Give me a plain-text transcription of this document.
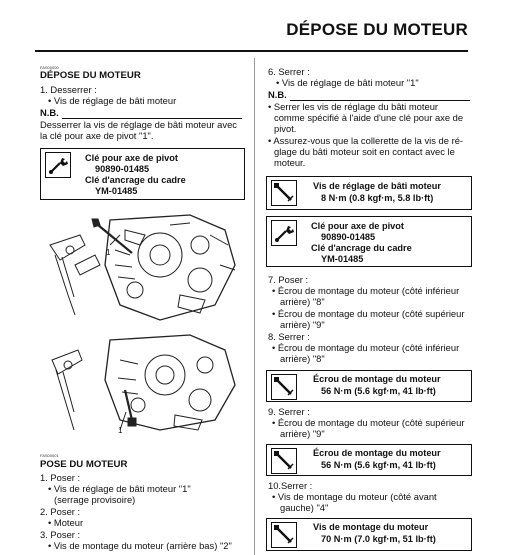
DÉPOSE DU MOTEUR
FAS00000
DÉPOSE DU MOTEUR
1. Desserrer :
• Vis de réglage de bâti moteur
N.B.
Desserrer la vis de réglage de bâti moteur avec
la clé pour axe de pivot "1".
Clé pour axe de pivot
90890-01485
Clé d'ancrage du cadre
YM-01485
1
1
FAS00001
POSE DU MOTEUR
1. Poser :
• Vis de réglage de bâti moteur "1"
(serrage provisoire)
2. Poser :
• Moteur
3. Poser :
• Vis de montage du moteur (arrière bas) "2"
6. Serrer :
• Vis de réglage de bâti moteur "1"
N.B.
• Serrer les vis de réglage du bâti moteur
comme spécifié à l'aide d'une clé pour axe de
pivot.
• Assurez-vous que la collerette de la vis de ré-
glage du bâti moteur soit en contact avec le
moteur.
Vis de réglage de bâti moteur
8 N·m (0.8 kgf·m, 5.8 lb·ft)
Clé pour axe de pivot
90890-01485
Clé d'ancrage du cadre
YM-01485
7. Poser :
• Écrou de montage du moteur (côté inférieur
arrière) "8"
• Écrou de montage du moteur (côté supérieur
arrière) "9"
8. Serrer :
• Écrou de montage du moteur (côté inférieur
arrière) "8"
Écrou de montage du moteur
56 N·m (5.6 kgf·m, 41 lb·ft)
9. Serrer :
• Écrou de montage du moteur (côté supérieur
arrière) "9"
Écrou de montage du moteur
56 N·m (5.6 kgf·m, 41 lb·ft)
10.Serrer :
• Vis de montage du moteur (côté avant
gauche) "4"
Vis de montage du moteur
70 N·m (7.0 kgf·m, 51 lb·ft)
